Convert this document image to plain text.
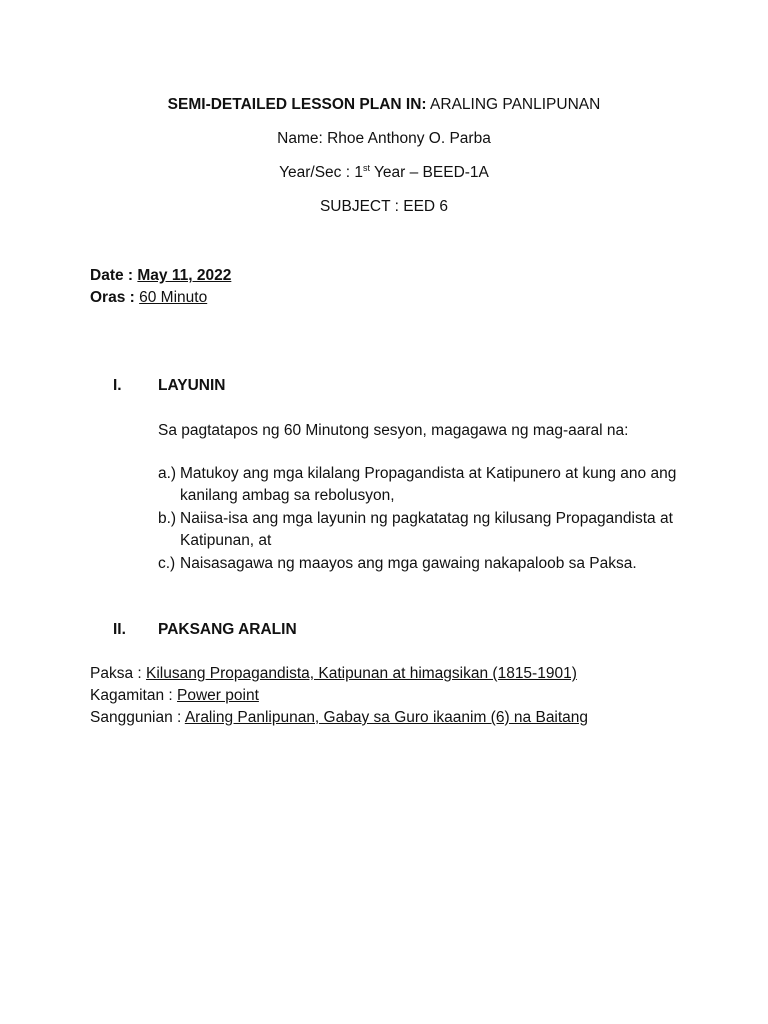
SEMI-DETAILED LESSON PLAN IN: ARALING PANLIPUNAN
Name: Rhoe Anthony O. Parba
Year/Sec : 1st Year – BEED-1A
SUBJECT : EED 6
Date : May 11, 2022
Oras : 60 Minuto
I. LAYUNIN
Sa pagtatapos ng 60 Minutong sesyon, magagawa ng mag-aaral na:
a.) Matukoy ang mga kilalang Propagandista at Katipunero at kung ano ang kanilang ambag sa rebolusyon,
b.) Naiisa-isa ang mga layunin ng pagkatatag ng kilusang Propagandista at Katipunan, at
c.) Naisasagawa ng maayos ang mga gawaing nakapaloob sa Paksa.
II. PAKSANG ARALIN
Paksa : Kilusang Propagandista, Katipunan at himagsikan (1815-1901)
Kagamitan : Power point
Sanggunian : Araling Panlipunan, Gabay sa Guro ikaanim (6) na Baitang
